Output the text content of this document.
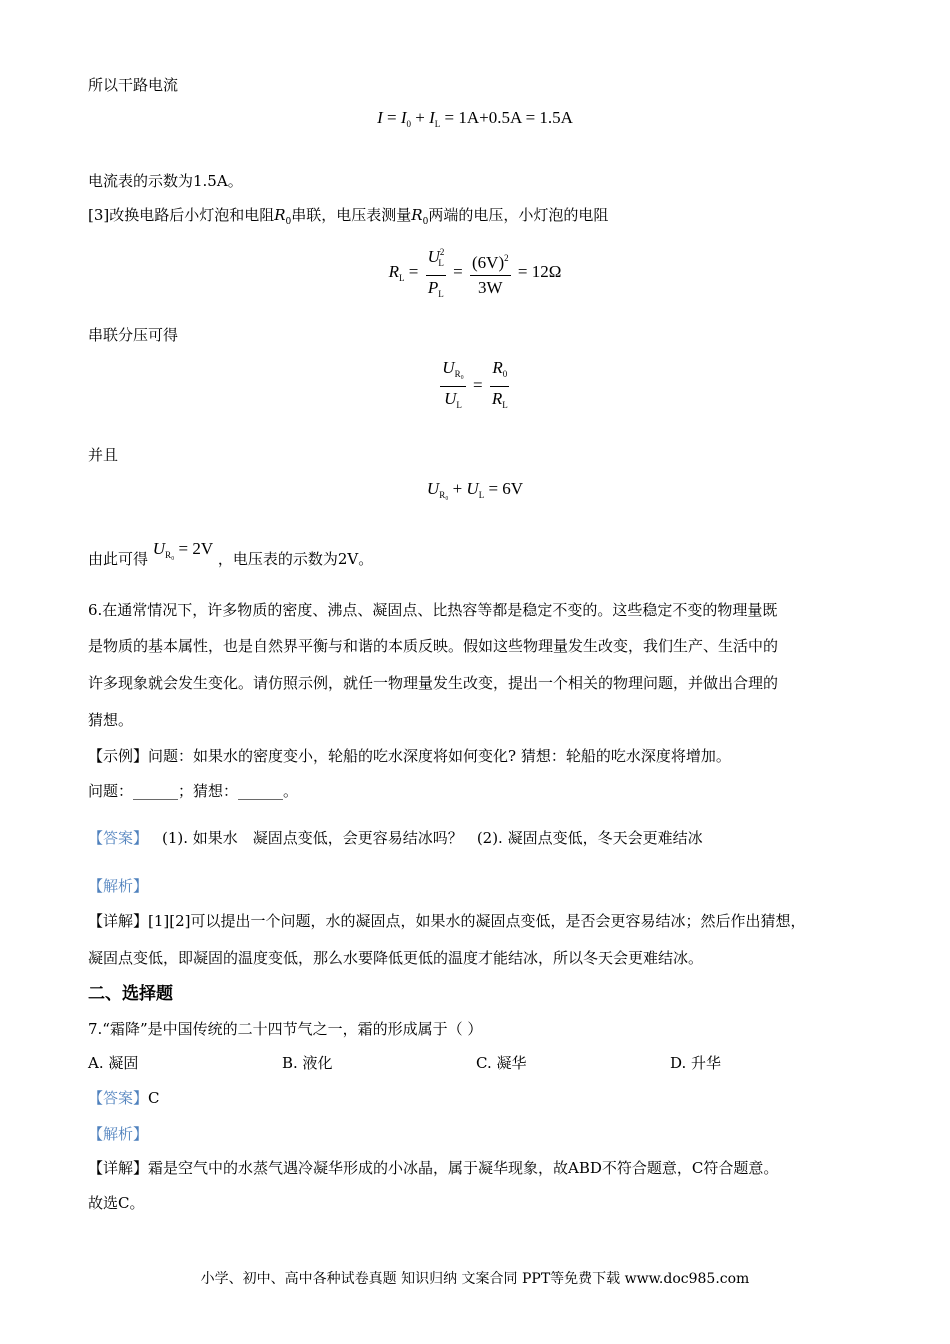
所以干路电流
$I = I_0 + I_L = 1A+0.5A = 1.5A$
电流表的示数为1.5A。
[3]改换电路后小灯泡和电阻$R_0$串联，电压表测量$R_0$两端的电压，小灯泡的电阻
$R_L = \frac{U^2_L}{P_L} = \frac{(6V)^2}{3W} = 12\Omega$
串联分压可得
$\frac{U_{R_0}}{U_L} = \frac{R_0}{R_L}$
并且
$U_{R_0} + U_L = 6V$
由此可得 $U_{R_0} = 2V$ ，电压表的示数为2V。
6.在通常情况下，许多物质的密度、沸点、凝固点、比热容等都是稳定不变的。这些稳定不变的物理量既
是物质的基本属性，也是自然界平衡与和谐的本质反映。假如这些物理量发生改变，我们生产、生活中的
许多现象就会发生变化。请仿照示例，就任一物理量发生改变，提出一个相关的物理问题，并做出合理的
猜想。
【示例】问题：如果水的密度变小，轮船的吃水深度将如何变化? 猜想：轮船的吃水深度将增加。
问题：______；猜想：______。
【答案】 (1). 如果水　凝固点变低，会更容易结冰吗？ (2). 凝固点变低，冬天会更难结冰
【解析】
【详解】[1][2]可以提出一个问题，水的凝固点，如果水的凝固点变低，是否会更容易结冰；然后作出猜想，
凝固点变低，即凝固的温度变低，那么水要降低更低的温度才能结冰，所以冬天会更难结冰。
二、选择题
7.“霜降”是中国传统的二十四节气之一，霜的形成属于（ ）
A. 凝固	B. 液化	C. 凝华	D. 升华
【答案】C
【解析】
【详解】霜是空气中的水蒸气遇冷凝华形成的小冰晶，属于凝华现象，故ABD不符合题意，C符合题意。
故选C。
小学、初中、高中各种试卷真题 知识归纳 文案合同 PPT等免费下载 www.doc985.com
